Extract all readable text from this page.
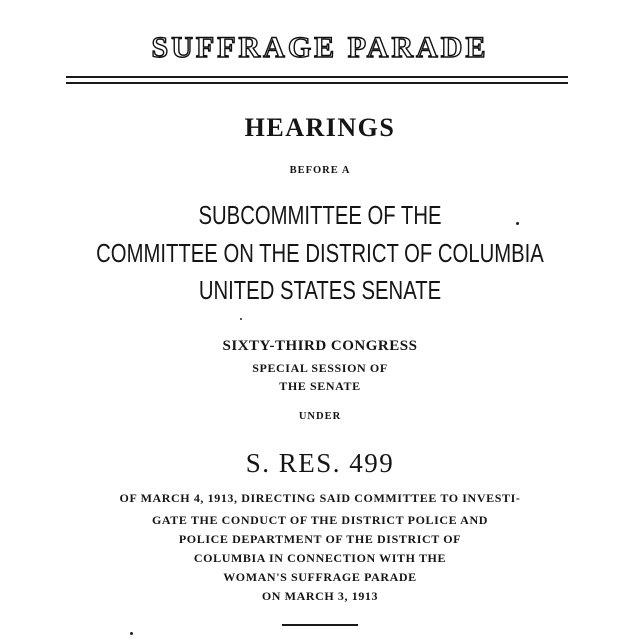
SUFFRAGE PARADE
HEARINGS
BEFORE A
SUBCOMMITTEE OF THE
COMMITTEE ON THE DISTRICT OF COLUMBIA
UNITED STATES SENATE
SIXTY-THIRD CONGRESS
SPECIAL SESSION OF
THE SENATE
UNDER
S. RES. 499
OF MARCH 4, 1913, DIRECTING SAID COMMITTEE TO INVESTI-
GATE THE CONDUCT OF THE DISTRICT POLICE AND
POLICE DEPARTMENT OF THE DISTRICT OF
COLUMBIA IN CONNECTION WITH THE
WOMAN'S SUFFRAGE PARADE
ON MARCH 3, 1913
